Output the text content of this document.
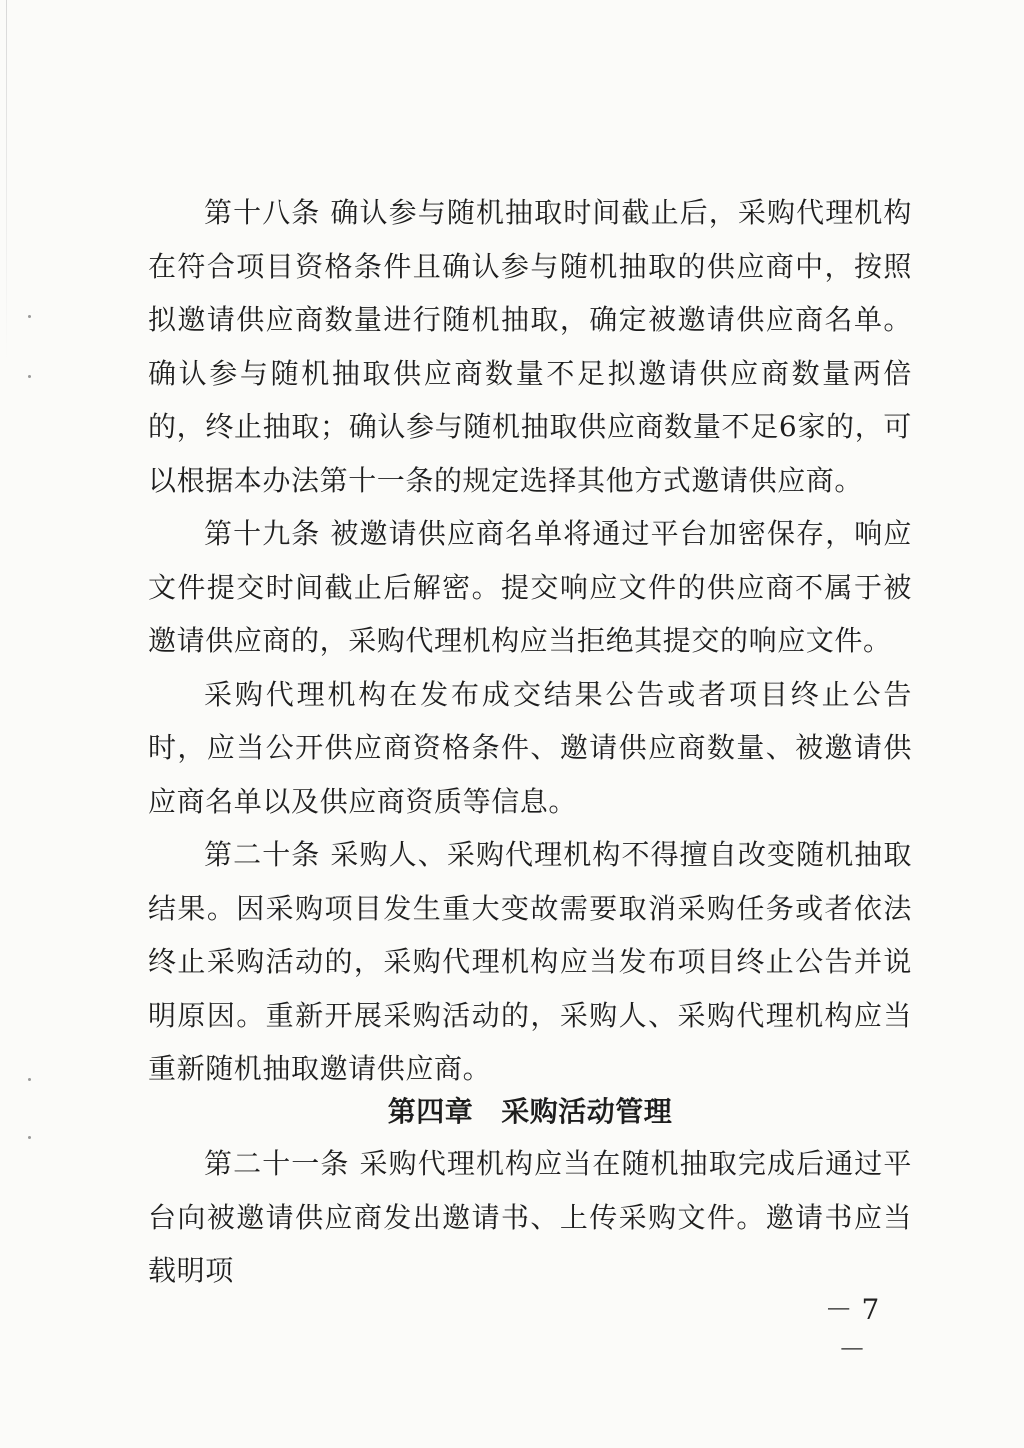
第十八条 确认参与随机抽取时间截止后，采购代理机构在符合项目资格条件且确认参与随机抽取的供应商中，按照拟邀请供应商数量进行随机抽取，确定被邀请供应商名单。确认参与随机抽取供应商数量不足拟邀请供应商数量两倍的，终止抽取；确认参与随机抽取供应商数量不足6家的，可以根据本办法第十一条的规定选择其他方式邀请供应商。

第十九条 被邀请供应商名单将通过平台加密保存，响应文件提交时间截止后解密。提交响应文件的供应商不属于被邀请供应商的，采购代理机构应当拒绝其提交的响应文件。

采购代理机构在发布成交结果公告或者项目终止公告时，应当公开供应商资格条件、邀请供应商数量、被邀请供应商名单以及供应商资质等信息。

第二十条 采购人、采购代理机构不得擅自改变随机抽取结果。因采购项目发生重大变故需要取消采购任务或者依法终止采购活动的，采购代理机构应当发布项目终止公告并说明原因。重新开展采购活动的，采购人、采购代理机构应当重新随机抽取邀请供应商。

第四章 采购活动管理

第二十一条 采购代理机构应当在随机抽取完成后通过平台向被邀请供应商发出邀请书、上传采购文件。邀请书应当载明项

－ 7 －
